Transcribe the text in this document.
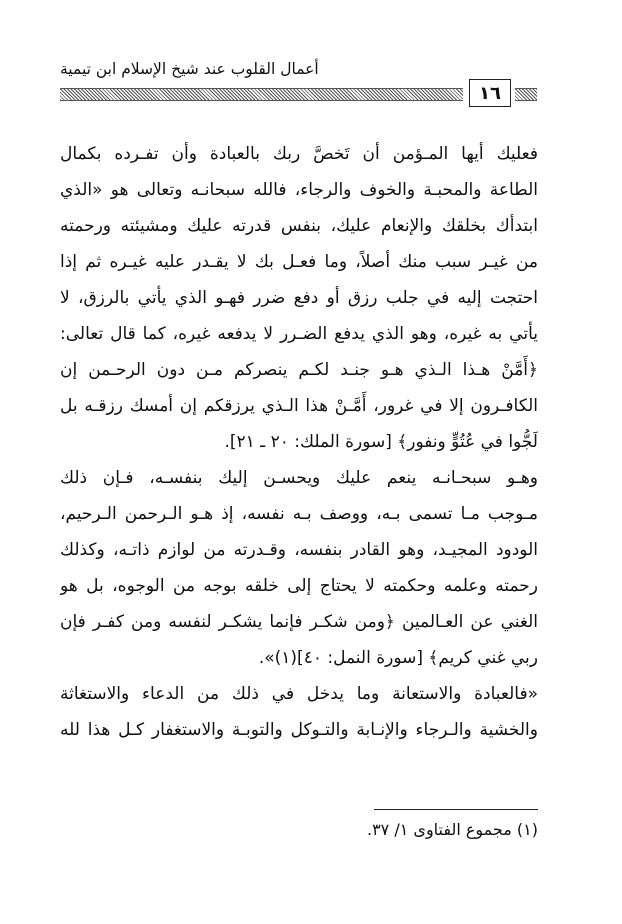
أعمال القلوب عند شيخ الإسلام ابن تيمية
١٦
فعليك أيها المـؤمن أن تَخصَّ ربك بالعبادة وأن تفـرده بكمال
الطاعة والمحبـة والخوف والرجاء، فالله سبحانـه وتعالى هو «الذي
ابتدأك بخلقك والإنعام عليك، بنفس قدرته عليك ومشيئته ورحمته
من غيـر سبب منك أصلاً، وما فعـل بك لا يقـدر عليه غيـره ثم إذا
احتجت إليه في جلب رزق أو دفع ضرر فهـو الذي يأتي بالرزق، لا
يأتي به غيره، وهو الذي يدفع الضـرر لا يدفعه غيره، كما قال تعالى:
﴿أَمَّنْ هـذا الـذي هـو جنـد لكـم ينصركم مـن دون الرحـمن إن
الكافـرون إلا في غرور، أَمَّـنْ هذا الـذي يرزقكم إن أمسك رزقـه بل
لَجُّوا في عُتُوٍّ ونفور﴾ [سورة الملك: ٢٠ ـ ٢١].
وهـو سبحـانـه ينعم عليك ويحسـن إليك بنفسـه، فـإن ذلك
مـوجب مـا تسمى بـه، ووصف بـه نفسه، إذ هـو الـرحمن الـرحيم،
الودود المجيـد، وهو القادر بنفسه، وقـدرته من لوازم ذاتـه، وكذلك
رحمته وعلمه وحكمته لا يحتاج إلى خلقه بوجه من الوجوه، بل هو
الغني عن العـالمين ﴿ومن شكـر فإنما يشكـر لنفسه ومن كفـر فإن
ربي غني كريم﴾ [سورة النمل: ٤٠](١)».
«فالعبادة والاستعانة وما يدخل في ذلك من الدعاء والاستغاثة
والخشية والـرجاء والإنـابة والتـوكل والتوبـة والاستغفار كـل هذا لله
(١) مجموع الفتاوى ١/ ٣٧.
